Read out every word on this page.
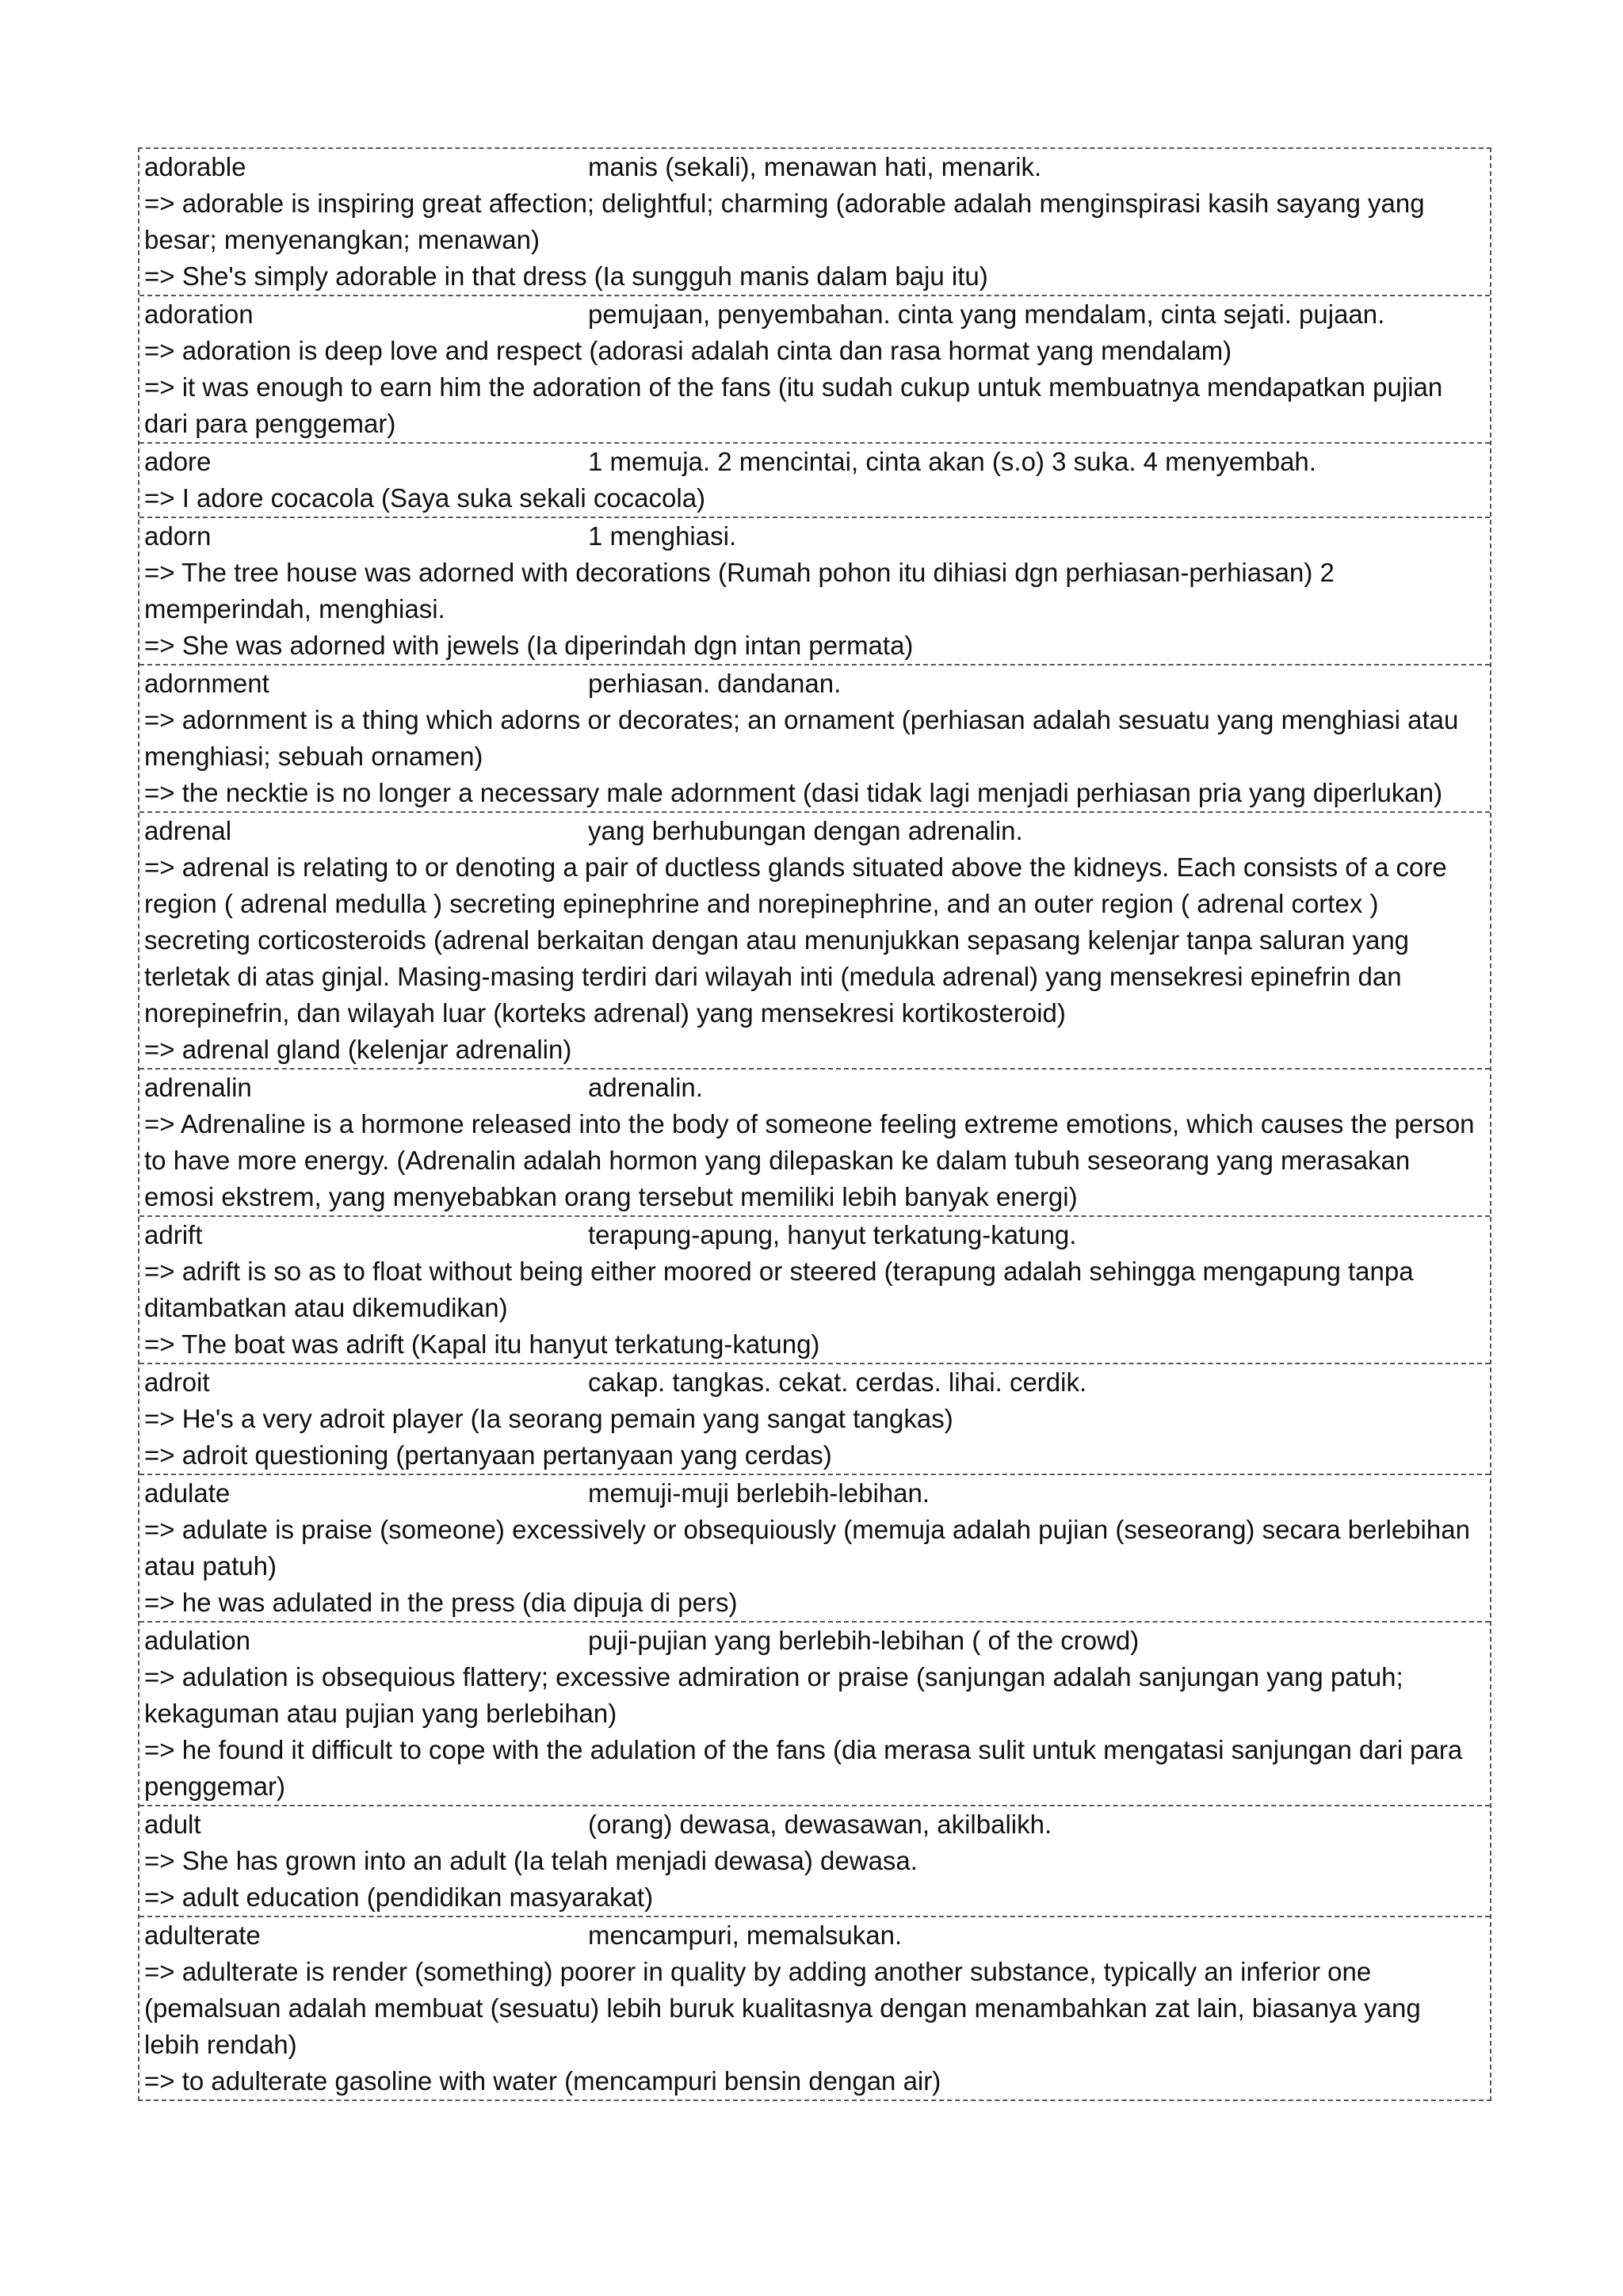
adorable	manis (sekali), menawan hati, menarik.
=> adorable is inspiring great affection; delightful; charming (adorable adalah menginspirasi kasih sayang yang besar; menyenangkan; menawan)
=> She's simply adorable in that dress (Ia sungguh manis dalam baju itu)
adoration	pemujaan, penyembahan. cinta yang mendalam, cinta sejati. pujaan.
=> adoration is deep love and respect (adorasi adalah cinta dan rasa hormat yang mendalam)
=> it was enough to earn him the adoration of the fans (itu sudah cukup untuk membuatnya mendapatkan pujian dari para penggemar)
adore	1 memuja. 2 mencintai, cinta akan (s.o) 3 suka. 4 menyembah.
=> I adore cocacola (Saya suka sekali cocacola)
adorn	1 menghiasi.
=> The tree house was adorned with decorations (Rumah pohon itu dihiasi dgn perhiasan-perhiasan) 2 memperindah, menghiasi.
=> She was adorned with jewels (Ia diperindah dgn intan permata)
adornment	perhiasan. dandanan.
=> adornment is a thing which adorns or decorates; an ornament (perhiasan adalah sesuatu yang menghiasi atau menghiasi; sebuah ornamen)
=> the necktie is no longer a necessary male adornment (dasi tidak lagi menjadi perhiasan pria yang diperlukan)
adrenal	yang berhubungan dengan adrenalin.
=> adrenal is relating to or denoting a pair of ductless glands situated above the kidneys. Each consists of a core region ( adrenal medulla ) secreting epinephrine and norepinephrine, and an outer region ( adrenal cortex ) secreting corticosteroids (adrenal berkaitan dengan atau menunjukkan sepasang kelenjar tanpa saluran yang terletak di atas ginjal. Masing-masing terdiri dari wilayah inti (medula adrenal) yang mensekresi epinefrin dan norepinefrin, dan wilayah luar (korteks adrenal) yang mensekresi kortikosteroid)
=> adrenal gland (kelenjar adrenalin)
adrenalin	adrenalin.
=> Adrenaline is a hormone released into the body of someone feeling extreme emotions, which causes the person to have more energy. (Adrenalin adalah hormon yang dilepaskan ke dalam tubuh seseorang yang merasakan emosi ekstrem, yang menyebabkan orang tersebut memiliki lebih banyak energi)
adrift	terapung-apung, hanyut terkatung-katung.
=> adrift is so as to float without being either moored or steered (terapung adalah sehingga mengapung tanpa ditambatkan atau dikemudikan)
=> The boat was adrift (Kapal itu hanyut terkatung-katung)
adroit	cakap. tangkas. cekat. cerdas. lihai. cerdik.
=> He's a very adroit player (Ia seorang pemain yang sangat tangkas)
=> adroit questioning (pertanyaan pertanyaan yang cerdas)
adulate	memuji-muji berlebih-lebihan.
=> adulate is praise (someone) excessively or obsequiously (memuja adalah pujian (seseorang) secara berlebihan atau patuh)
=> he was adulated in the press (dia dipuja di pers)
adulation	puji-pujian yang berlebih-lebihan ( of the crowd)
=> adulation is obsequious flattery; excessive admiration or praise (sanjungan adalah sanjungan yang patuh; kekaguman atau pujian yang berlebihan)
=> he found it difficult to cope with the adulation of the fans (dia merasa sulit untuk mengatasi sanjungan dari para penggemar)
adult	(orang) dewasa, dewasawan, akilbalikh.
=> She has grown into an adult (Ia telah menjadi dewasa) dewasa.
=> adult education (pendidikan masyarakat)
adulterate	mencampuri, memalsukan.
=> adulterate is render (something) poorer in quality by adding another substance, typically an inferior one (pemalsuan adalah membuat (sesuatu) lebih buruk kualitasnya dengan menambahkan zat lain, biasanya yang lebih rendah)
=> to adulterate gasoline with water (mencampuri bensin dengan air)
